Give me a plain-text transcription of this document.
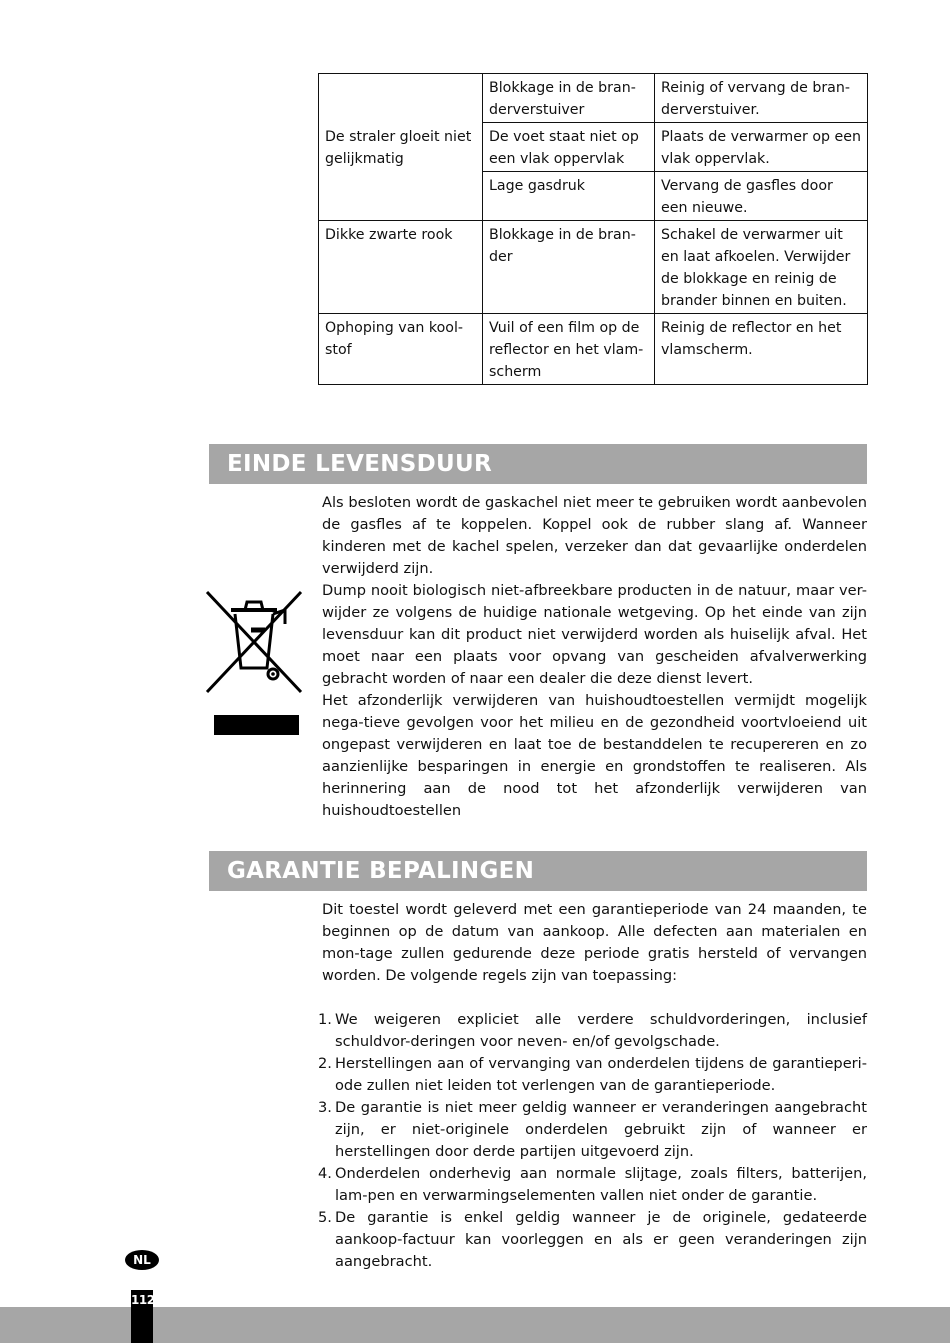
De straler gloeit niet gelijkmatig	Blokkage in de bran-derverstuiver	Reinig of vervang de bran-derverstuiver.
	De voet staat niet op een vlak oppervlak	Plaats de verwarmer op een vlak oppervlak.
	Lage gasdruk	Vervang de gasfles door een nieuwe.
Dikke zwarte rook	Blokkage in de bran-der	Schakel de verwarmer uit en laat afkoelen. Verwijder de blokkage en reinig de brander binnen en buiten.
Ophoping van kool-stof	Vuil of een film op de reflector en het vlam-scherm	Reinig de reflector en het vlamscherm.
EINDE LEVENSDUUR

Als besloten wordt de gaskachel niet meer te gebruiken wordt aanbevolen de gasfles af te koppelen. Koppel ook de rubber slang af. Wanneer kinderen met de kachel spelen, verzeker dan dat gevaarlijke onderdelen verwijderd zijn.

Dump nooit biologisch niet-afbreekbare producten in de natuur, maar ver-wijder ze volgens de huidige nationale wetgeving. Op het einde van zijn levensduur kan dit product niet verwijderd worden als huiselijk afval. Het moet naar een plaats voor opvang van gescheiden afvalverwerking gebracht worden of naar een dealer die deze dienst levert.

Het afzonderlijk verwijderen van huishoudtoestellen vermijdt mogelijk nega-tieve gevolgen voor het milieu en de gezondheid voortvloeiend uit ongepast verwijderen en laat toe de bestanddelen te recupereren en zo aanzienlijke besparingen in energie en grondstoffen te realiseren. Als herinnering aan de nood tot het afzonderlijk verwijderen van huishoudtoestellen

GARANTIE BEPALINGEN
Dit toestel wordt geleverd met een garantieperiode van 24 maanden, te beginnen op de datum van aankoop. Alle defecten aan materialen en mon-tage zullen gedurende deze periode gratis hersteld of vervangen worden. De volgende regels zijn van toepassing:
1. We weigeren expliciet alle verdere schuldvorderingen, inclusief schuldvor-deringen voor neven- en/of gevolgschade.
2. Herstellingen aan of vervanging van onderdelen tijdens de garantieperi-ode zullen niet leiden tot verlengen van de garantieperiode.
3. De garantie is niet meer geldig wanneer er veranderingen aangebracht zijn, er niet-originele onderdelen gebruikt zijn of wanneer er herstellingen door derde partijen uitgevoerd zijn.
4. Onderdelen onderhevig aan normale slijtage, zoals filters, batterijen, lam-pen en verwarmingselementen vallen niet onder de garantie.
5. De garantie is enkel geldig wanneer je de originele, gedateerde aankoop-factuur kan voorleggen en als er geen veranderingen zijn aangebracht.
NL
112
